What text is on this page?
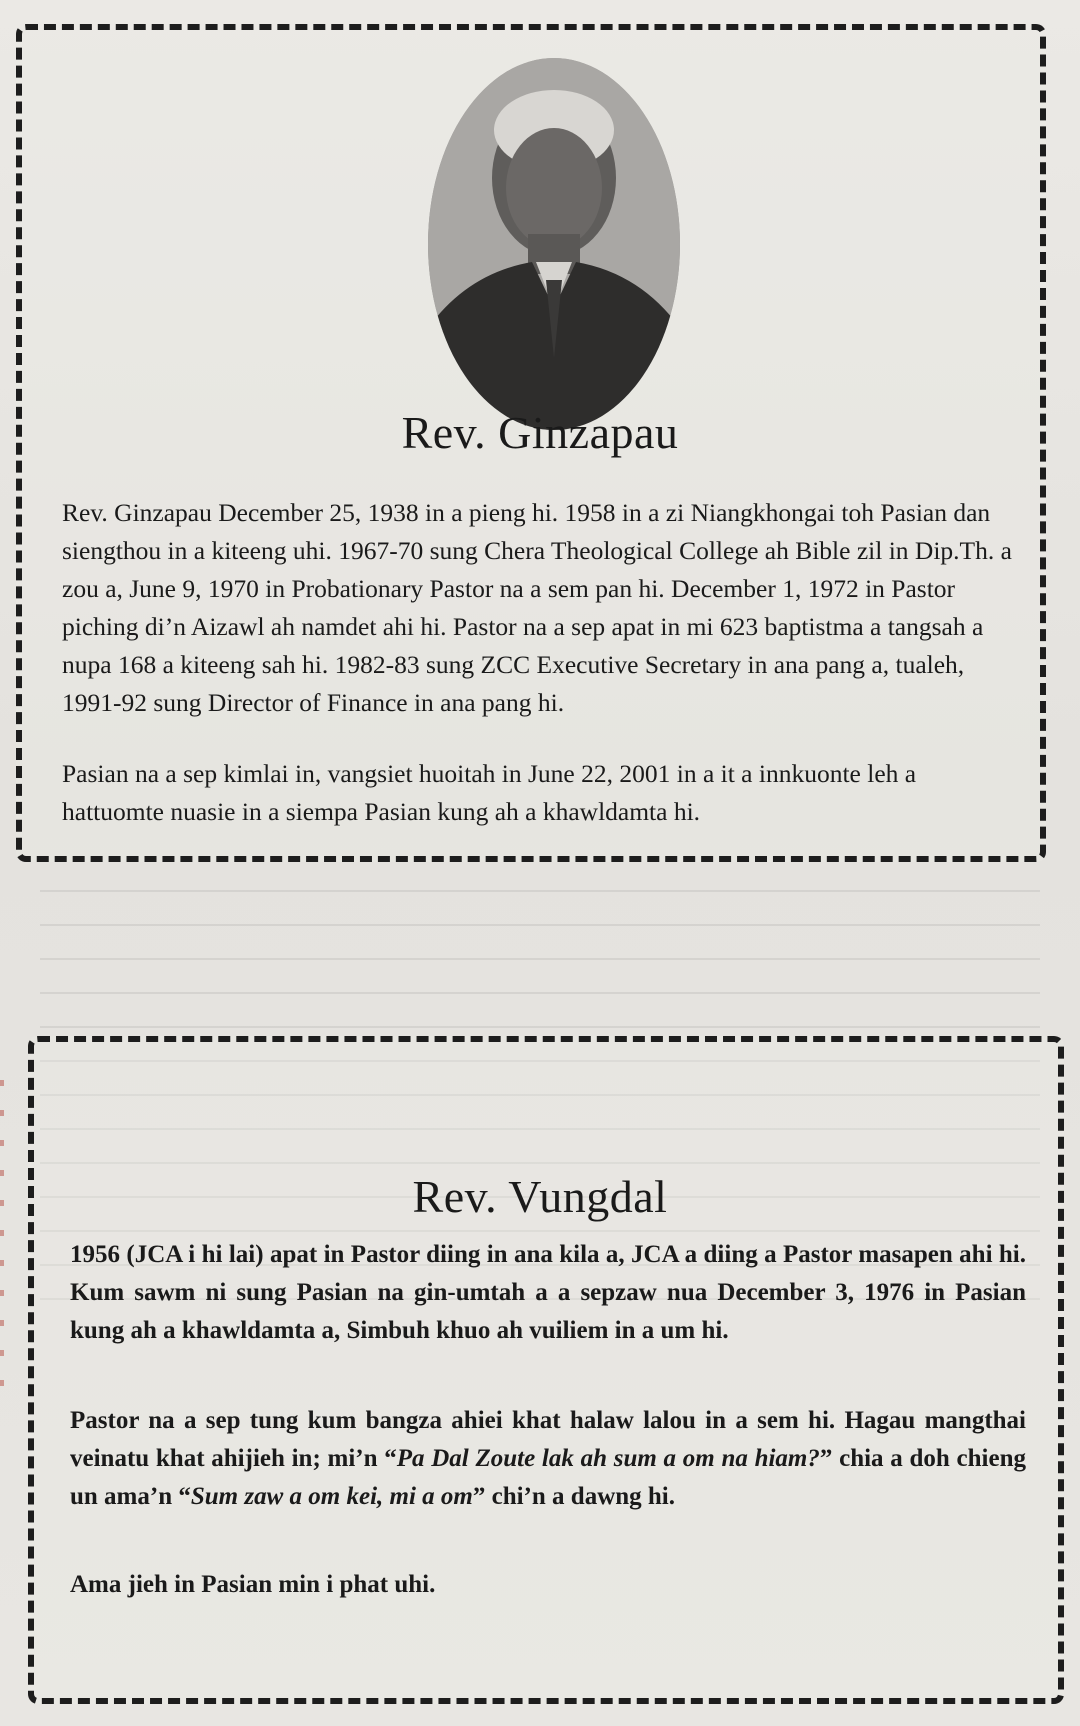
Rev. Ginzapau

Rev. Ginzapau December 25, 1938 in a pieng hi. 1958 in a zi Niangkhongai toh Pasian dan siengthou in a kiteeng uhi. 1967-70 sung Chera Theological College ah Bible zil in Dip.Th. a zou a, June 9, 1970 in Probationary Pastor na a sem pan hi. December 1, 1972 in Pastor piching di’n Aizawl ah namdet ahi hi. Pastor na a sep apat in mi 623 baptistma a tangsah a nupa 168 a kiteeng sah hi. 1982-83 sung ZCC Executive Secretary in ana pang a, tualeh, 1991-92 sung Director of Finance in ana pang hi.

Pasian na a sep kimlai in, vangsiet huoitah in June 22, 2001 in a it a innkuonte leh a hattuomte nuasie in a siempa Pasian kung ah a khawldamta hi.

Rev. Vungdal

1956 (JCA i hi lai) apat in Pastor diing in ana kila a, JCA a diing a Pastor masapen ahi hi. Kum sawm ni sung Pasian na gin-umtah a a sepzaw nua December 3, 1976 in Pasian kung ah a khawldamta a, Simbuh khuo ah vuiliem in a um hi.

Pastor na a sep tung kum bangza ahiei khat halaw lalou in a sem hi. Hagau mangthai veinatu khat ahijieh in; mi’n “Pa Dal Zoute lak ah sum a om na hiam?” chia a doh chieng un ama’n “Sum zaw a om kei, mi a om” chi’n a dawng hi.

Ama jieh in Pasian min i phat uhi.
